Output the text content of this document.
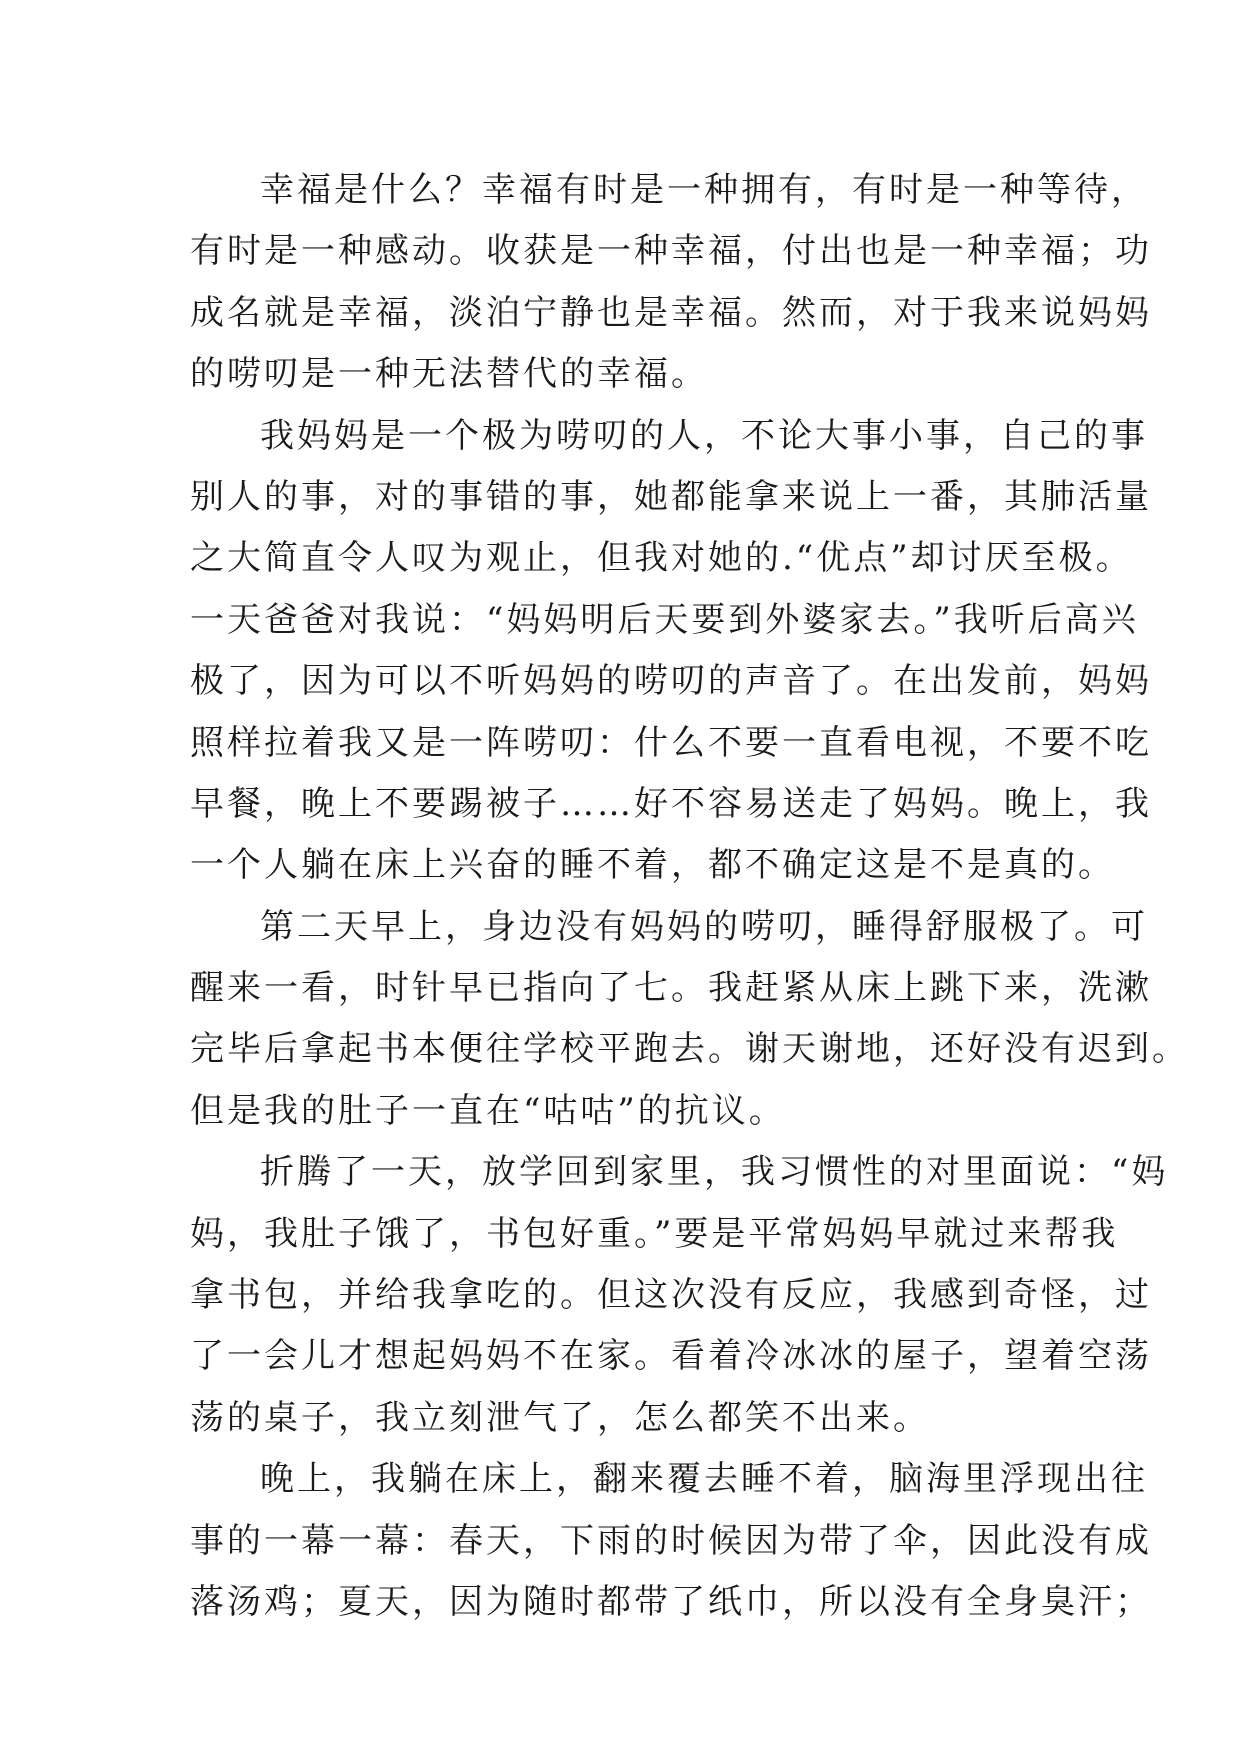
幸福是什么？幸福有时是一种拥有，有时是一种等待，
有时是一种感动。收获是一种幸福，付出也是一种幸福；功
成名就是幸福，淡泊宁静也是幸福。然而，对于我来说妈妈
的唠叨是一种无法替代的幸福。
我妈妈是一个极为唠叨的人，不论大事小事，自己的事
别人的事，对的事错的事，她都能拿来说上一番，其肺活量
之大简直令人叹为观止，但我对她的.“优点”却讨厌至极。
一天爸爸对我说：“妈妈明后天要到外婆家去。”我听后高兴
极了，因为可以不听妈妈的唠叨的声音了。在出发前，妈妈
照样拉着我又是一阵唠叨：什么不要一直看电视，不要不吃
早餐，晚上不要踢被子……好不容易送走了妈妈。晚上，我
一个人躺在床上兴奋的睡不着，都不确定这是不是真的。
第二天早上，身边没有妈妈的唠叨，睡得舒服极了。可
醒来一看，时针早已指向了七。我赶紧从床上跳下来，洗漱
完毕后拿起书本便往学校平跑去。谢天谢地，还好没有迟到。
但是我的肚子一直在“咕咕”的抗议。
折腾了一天，放学回到家里，我习惯性的对里面说：“妈
妈，我肚子饿了，书包好重。”要是平常妈妈早就过来帮我
拿书包，并给我拿吃的。但这次没有反应，我感到奇怪，过
了一会儿才想起妈妈不在家。看着冷冰冰的屋子，望着空荡
荡的桌子，我立刻泄气了，怎么都笑不出来。
晚上，我躺在床上，翻来覆去睡不着，脑海里浮现出往
事的一幕一幕：春天，下雨的时候因为带了伞，因此没有成
落汤鸡；夏天，因为随时都带了纸巾，所以没有全身臭汗；
